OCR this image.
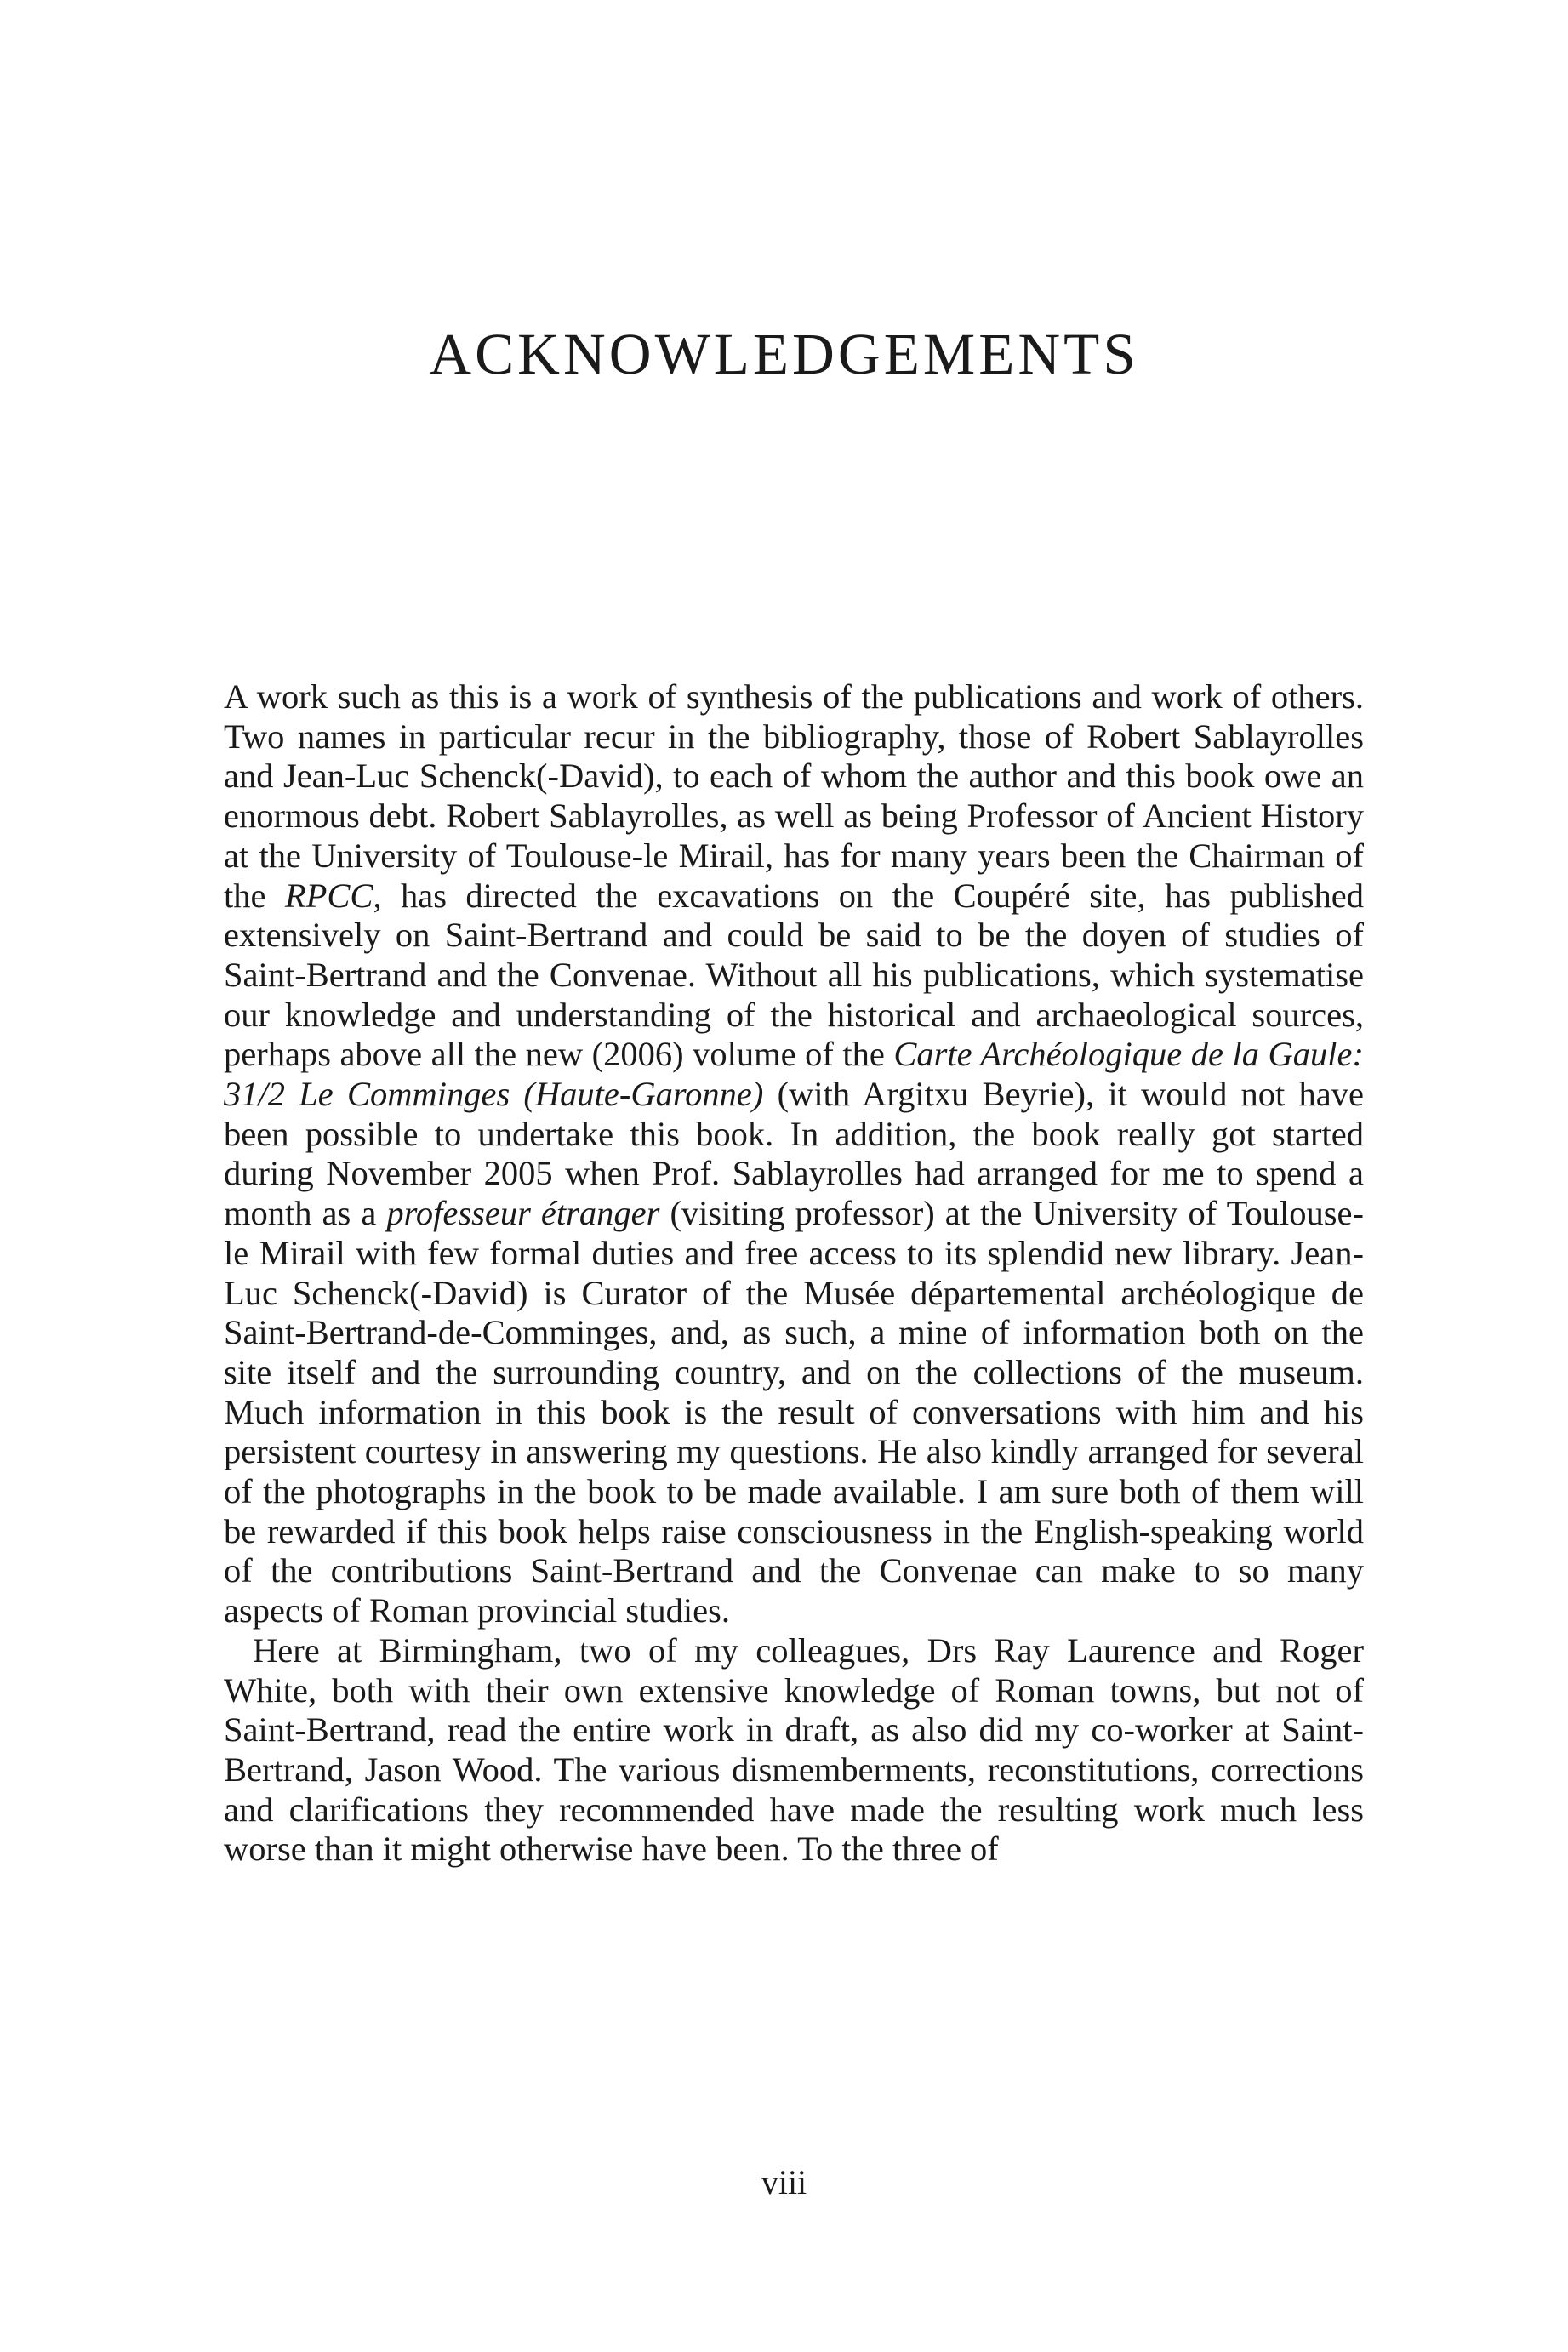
ACKNOWLEDGEMENTS

A work such as this is a work of synthesis of the publications and work of others. Two names in particular recur in the bibliography, those of Robert Sablayrolles and Jean-Luc Schenck(-David), to each of whom the author and this book owe an enormous debt. Robert Sablayrolles, as well as being Professor of Ancient History at the University of Toulouse-le Mirail, has for many years been the Chairman of the RPCC, has directed the excavations on the Coupéré site, has published extensively on Saint-Bertrand and could be said to be the doyen of studies of Saint-Bertrand and the Convenae. Without all his publications, which systematise our knowledge and understanding of the historical and archaeological sources, perhaps above all the new (2006) volume of the Carte Archéologique de la Gaule: 31/2 Le Comminges (Haute-Garonne) (with Argitxu Beyrie), it would not have been possible to undertake this book. In addition, the book really got started during November 2005 when Prof. Sablayrolles had arranged for me to spend a month as a professeur étranger (visiting professor) at the University of Toulouse-le Mirail with few formal duties and free access to its splendid new library. Jean-Luc Schenck(-David) is Curator of the Musée départemental archéologique de Saint-Bertrand-de-Comminges, and, as such, a mine of information both on the site itself and the surrounding country, and on the collections of the museum. Much information in this book is the result of conversations with him and his persistent courtesy in answering my questions. He also kindly arranged for several of the photographs in the book to be made available. I am sure both of them will be rewarded if this book helps raise consciousness in the English-speaking world of the contributions Saint-Bertrand and the Convenae can make to so many aspects of Roman provincial studies.

Here at Birmingham, two of my colleagues, Drs Ray Laurence and Roger White, both with their own extensive knowledge of Roman towns, but not of Saint-Bertrand, read the entire work in draft, as also did my co-worker at Saint-Bertrand, Jason Wood. The various dismemberments, reconstitutions, corrections and clarifications they recommended have made the resulting work much less worse than it might otherwise have been. To the three of

viii
